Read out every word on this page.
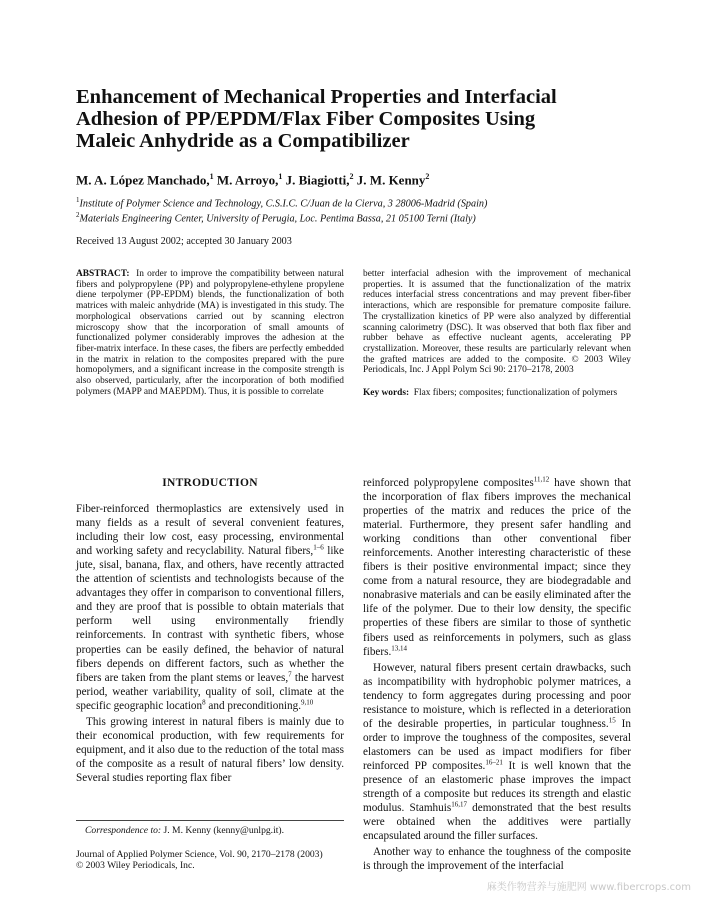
Enhancement of Mechanical Properties and Interfacial
Adhesion of PP/EPDM/Flax Fiber Composites Using
Maleic Anhydride as a Compatibilizer
M. A. López Manchado,$^1$ M. Arroyo,$^1$ J. Biagiotti,$^2$ J. M. Kenny$^2$
$^1$Institute of Polymer Science and Technology, C.S.I.C. C/Juan de la Cierva, 3 28006-Madrid (Spain)
$^2$Materials Engineering Center, University of Perugia, Loc. Pentima Bassa, 21 05100 Terni (Italy)
Received 13 August 2002; accepted 30 January 2003
ABSTRACT: In order to improve the compatibility between natural fibers and polypropylene (PP) and polypropylene-ethylene propylene diene terpolymer (PP-EPDM) blends, the functionalization of both matrices with maleic anhydride (MA) is investigated in this study. The morphological observations carried out by scanning electron microscopy show that the incorporation of small amounts of functionalized polymer considerably improves the adhesion at the fiber-matrix interface. In these cases, the fibers are perfectly embedded in the matrix in relation to the composites prepared with the pure homopolymers, and a significant increase in the composite strength is also observed, particularly, after the incorporation of both modified polymers (MAPP and MAEPDM). Thus, it is possible to correlate
better interfacial adhesion with the improvement of mechanical properties. It is assumed that the functionalization of the matrix reduces interfacial stress concentrations and may prevent fiber-fiber interactions, which are responsible for premature composite failure. The crystallization kinetics of PP were also analyzed by differential scanning calorimetry (DSC). It was observed that both flax fiber and rubber behave as effective nucleant agents, accelerating PP crystallization. Moreover, these results are particularly relevant when the grafted matrices are added to the composite. © 2003 Wiley Periodicals, Inc. J Appl Polym Sci 90: 2170–2178, 2003
Key words: Flax fibers; composites; functionalization of polymers
INTRODUCTION

Fiber-reinforced thermoplastics are extensively used in many fields as a result of several convenient features, including their low cost, easy processing, environmental and working safety and recyclability. Natural fibers,$^{1-6}$ like jute, sisal, banana, flax, and others, have recently attracted the attention of scientists and technologists because of the advantages they offer in comparison to conventional fillers, and they are proof that is possible to obtain materials that perform well using environmentally friendly reinforcements. In contrast with synthetic fibers, whose properties can be easily defined, the behavior of natural fibers depends on different factors, such as whether the fibers are taken from the plant stems or leaves,$^7$ the harvest period, weather variability, quality of soil, climate at the specific geographic location$^8$ and preconditioning.$^{9,10}$

This growing interest in natural fibers is mainly due to their economical production, with few requirements for equipment, and it also due to the reduction of the total mass of the composite as a result of natural fibers’ low density. Several studies reporting flax fiber

reinforced polypropylene composites$^{11,12}$ have shown that the incorporation of flax fibers improves the mechanical properties of the matrix and reduces the price of the material. Furthermore, they present safer handling and working conditions than other conventional fiber reinforcements. Another interesting characteristic of these fibers is their positive environmental impact; since they come from a natural resource, they are biodegradable and nonabrasive materials and can be easily eliminated after the life of the polymer. Due to their low density, the specific properties of these fibers are similar to those of synthetic fibers used as reinforcements in polymers, such as glass fibers.$^{13,14}$

However, natural fibers present certain drawbacks, such as incompatibility with hydrophobic polymer matrices, a tendency to form aggregates during processing and poor resistance to moisture, which is reflected in a deterioration of the desirable properties, in particular toughness.$^{15}$ In order to improve the toughness of the composites, several elastomers can be used as impact modifiers for fiber reinforced PP composites.$^{16-21}$ It is well known that the presence of an elastomeric phase improves the impact strength of a composite but reduces its strength and elastic modulus. Stamhuis$^{16,17}$ demonstrated that the best results were obtained when the additives were partially encapsulated around the filler surfaces.

Another way to enhance the toughness of the composite is through the improvement of the interfacial

Correspondence to: J. M. Kenny (kenny@unlpg.it).
Journal of Applied Polymer Science, Vol. 90, 2170–2178 (2003)
© 2003 Wiley Periodicals, Inc.
麻类作物营养与施肥网 www.fibercrops.com
